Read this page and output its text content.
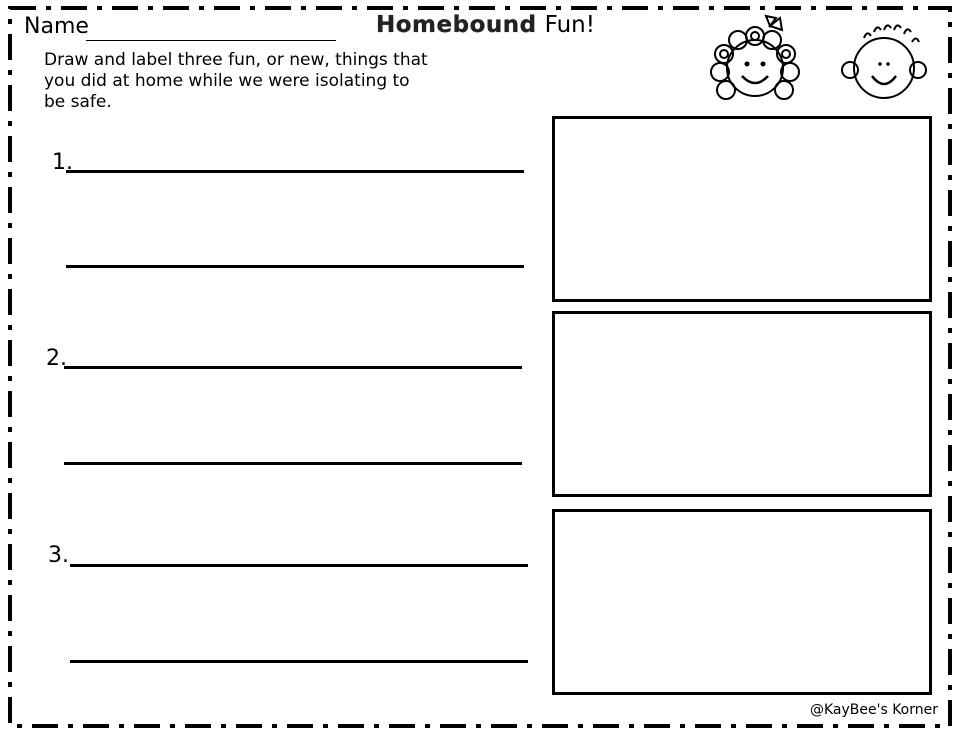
Name	Homebound Fun!
Draw and label three fun, or new, things that you did at home while we were isolating to be safe.
1.
2.
3.
@KayBee's Korner
